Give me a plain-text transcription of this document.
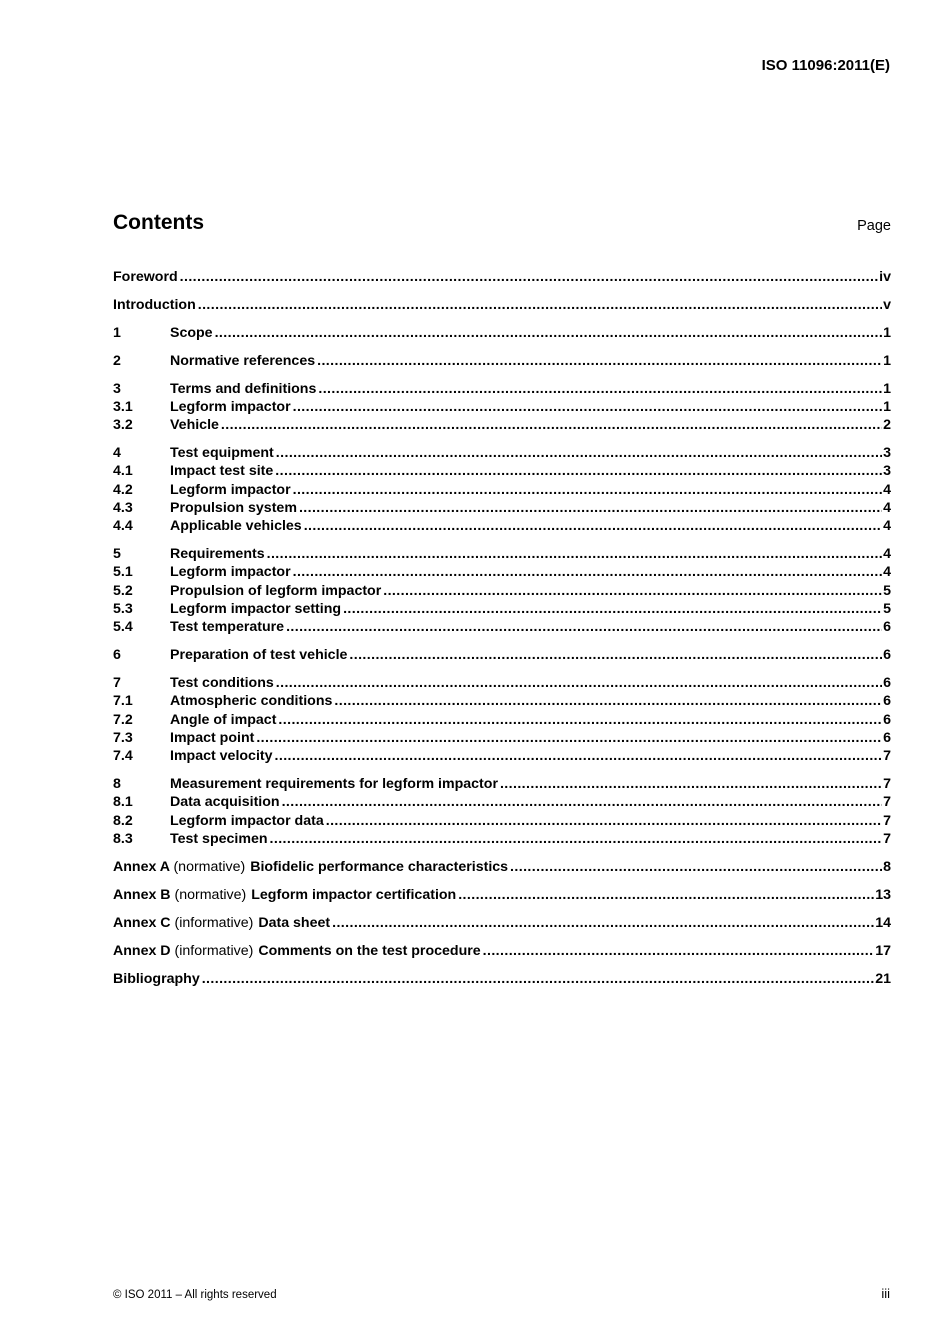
ISO 11096:2011(E)
Contents	Page
Foreword .....	iv
Introduction .....	v
1	Scope .....	1
2	Normative references .....	1
3	Terms and definitions .....	1
3.1	Legform impactor .....	1
3.2	Vehicle .....	2
4	Test equipment .....	3
4.1	Impact test site .....	3
4.2	Legform impactor .....	4
4.3	Propulsion system .....	4
4.4	Applicable vehicles .....	4
5	Requirements .....	4
5.1	Legform impactor .....	4
5.2	Propulsion of legform impactor .....	5
5.3	Legform impactor setting .....	5
5.4	Test temperature .....	6
6	Preparation of test vehicle .....	6
7	Test conditions .....	6
7.1	Atmospheric conditions .....	6
7.2	Angle of impact .....	6
7.3	Impact point .....	6
7.4	Impact velocity .....	7
8	Measurement requirements for legform impactor .....	7
8.1	Data acquisition .....	7
8.2	Legform impactor data .....	7
8.3	Test specimen .....	7
Annex A (normative) Biofidelic performance characteristics .....	8
Annex B (normative) Legform impactor certification .....	13
Annex C (informative) Data sheet .....	14
Annex D (informative) Comments on the test procedure .....	17
Bibliography .....	21
© ISO 2011 – All rights reserved	iii
